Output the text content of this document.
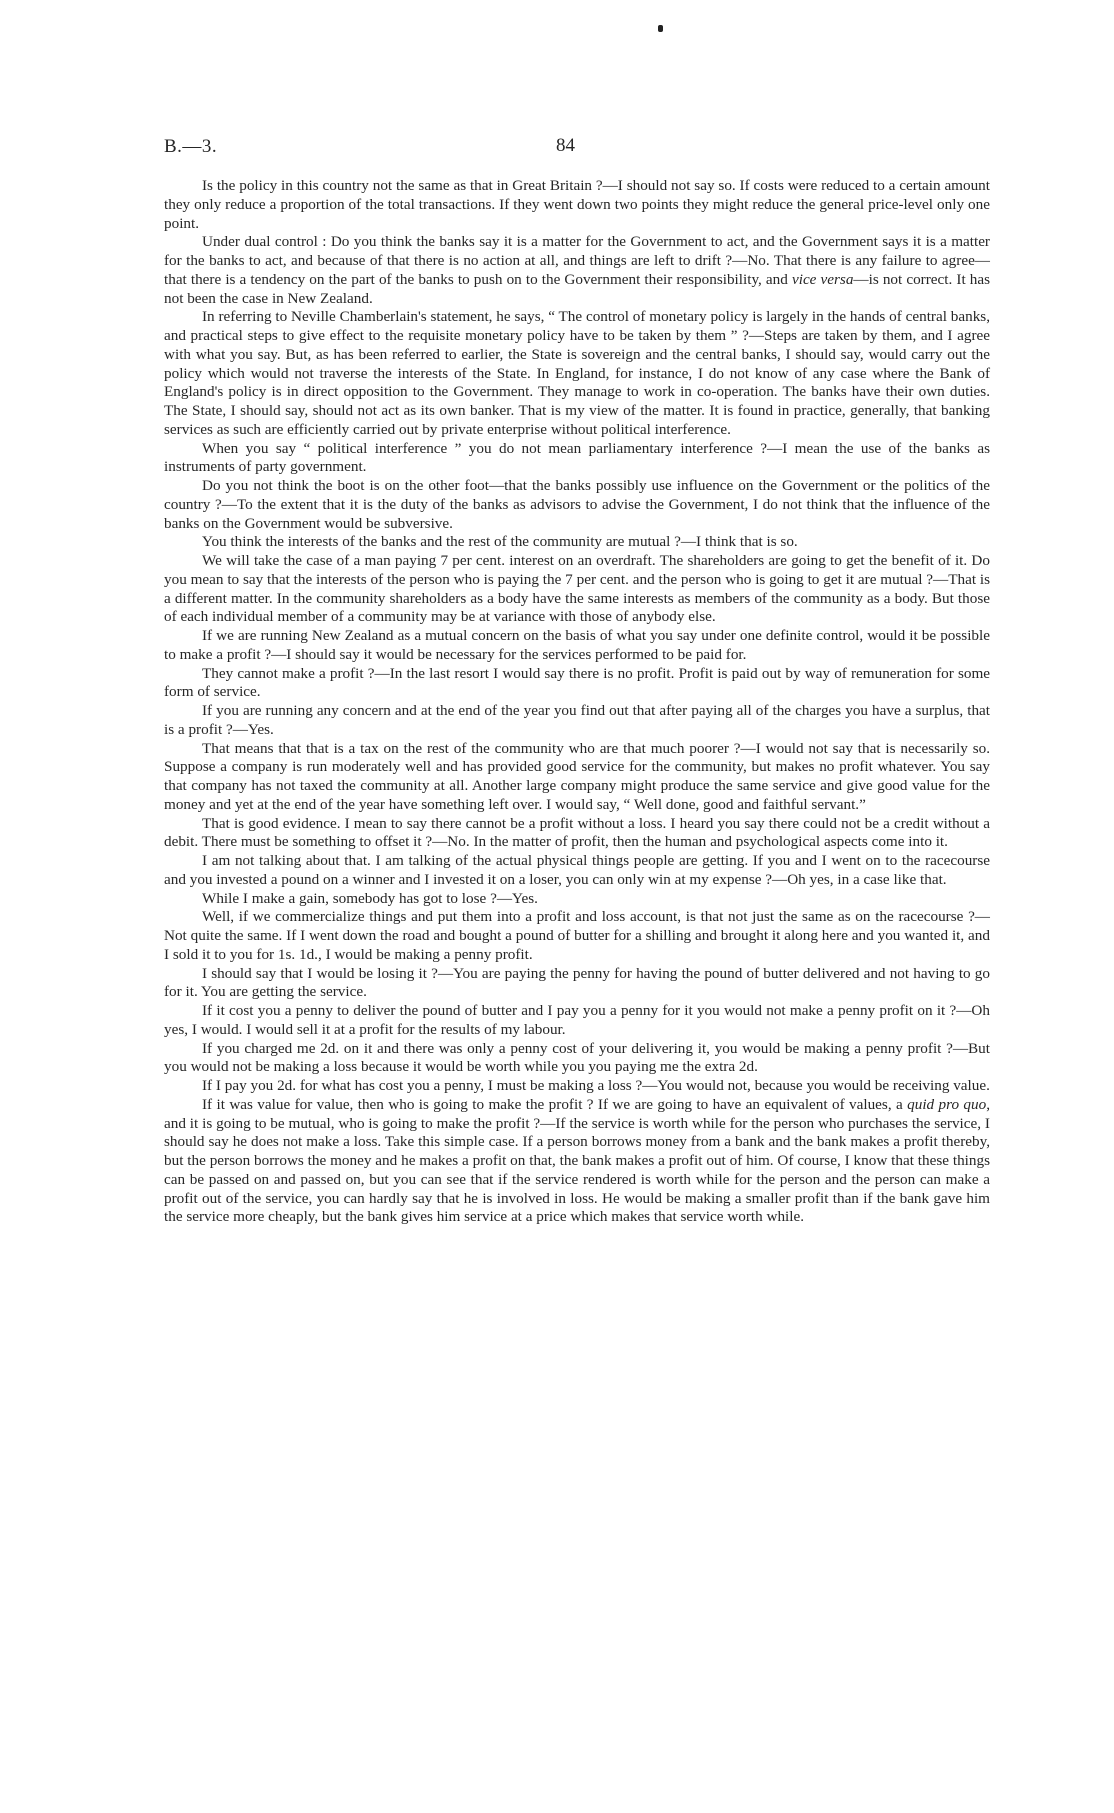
B.—3.	84

Is the policy in this country not the same as that in Great Britain ?—I should not say so. If costs were reduced to a certain amount they only reduce a proportion of the total transactions. If they went down two points they might reduce the general price-level only one point.

Under dual control : Do you think the banks say it is a matter for the Government to act, and the Government says it is a matter for the banks to act, and because of that there is no action at all, and things are left to drift ?—No. That there is any failure to agree—that there is a tendency on the part of the banks to push on to the Government their responsibility, and vice versa—is not correct. It has not been the case in New Zealand.

In referring to Neville Chamberlain's statement, he says, “ The control of monetary policy is largely in the hands of central banks, and practical steps to give effect to the requisite monetary policy have to be taken by them ” ?—Steps are taken by them, and I agree with what you say. But, as has been referred to earlier, the State is sovereign and the central banks, I should say, would carry out the policy which would not traverse the interests of the State. In England, for instance, I do not know of any case where the Bank of England's policy is in direct opposition to the Government. They manage to work in co-operation. The banks have their own duties. The State, I should say, should not act as its own banker. That is my view of the matter. It is found in practice, generally, that banking services as such are efficiently carried out by private enterprise without political interference.

When you say “ political interference ” you do not mean parliamentary interference ?—I mean the use of the banks as instruments of party government.

Do you not think the boot is on the other foot—that the banks possibly use influence on the Government or the politics of the country ?—To the extent that it is the duty of the banks as advisors to advise the Government, I do not think that the influence of the banks on the Government would be subversive.

You think the interests of the banks and the rest of the community are mutual ?—I think that is so.

We will take the case of a man paying 7 per cent. interest on an overdraft. The shareholders are going to get the benefit of it. Do you mean to say that the interests of the person who is paying the 7 per cent. and the person who is going to get it are mutual ?—That is a different matter. In the community shareholders as a body have the same interests as members of the community as a body. But those of each individual member of a community may be at variance with those of anybody else.

If we are running New Zealand as a mutual concern on the basis of what you say under one definite control, would it be possible to make a profit ?—I should say it would be necessary for the services performed to be paid for.

They cannot make a profit ?—In the last resort I would say there is no profit. Profit is paid out by way of remuneration for some form of service.

If you are running any concern and at the end of the year you find out that after paying all of the charges you have a surplus, that is a profit ?—Yes.

That means that that is a tax on the rest of the community who are that much poorer ?—I would not say that is necessarily so. Suppose a company is run moderately well and has provided good service for the community, but makes no profit whatever. You say that company has not taxed the community at all. Another large company might produce the same service and give good value for the money and yet at the end of the year have something left over. I would say, “ Well done, good and faithful servant.”

That is good evidence. I mean to say there cannot be a profit without a loss. I heard you say there could not be a credit without a debit. There must be something to offset it ?—No. In the matter of profit, then the human and psychological aspects come into it.

I am not talking about that. I am talking of the actual physical things people are getting. If you and I went on to the racecourse and you invested a pound on a winner and I invested it on a loser, you can only win at my expense ?—Oh yes, in a case like that.

While I make a gain, somebody has got to lose ?—Yes.

Well, if we commercialize things and put them into a profit and loss account, is that not just the same as on the racecourse ?—Not quite the same. If I went down the road and bought a pound of butter for a shilling and brought it along here and you wanted it, and I sold it to you for 1s. 1d., I would be making a penny profit.

I should say that I would be losing it ?—You are paying the penny for having the pound of butter delivered and not having to go for it. You are getting the service.

If it cost you a penny to deliver the pound of butter and I pay you a penny for it you would not make a penny profit on it ?—Oh yes, I would. I would sell it at a profit for the results of my labour.

If you charged me 2d. on it and there was only a penny cost of your delivering it, you would be making a penny profit ?—But you would not be making a loss because it would be worth while you you paying me the extra 2d.

If I pay you 2d. for what has cost you a penny, I must be making a loss ?—You would not, because you would be receiving value.

If it was value for value, then who is going to make the profit ? If we are going to have an equivalent of values, a quid pro quo, and it is going to be mutual, who is going to make the profit ?—If the service is worth while for the person who purchases the service, I should say he does not make a loss. Take this simple case. If a person borrows money from a bank and the bank makes a profit thereby, but the person borrows the money and he makes a profit on that, the bank makes a profit out of him. Of course, I know that these things can be passed on and passed on, but you can see that if the service rendered is worth while for the person and the person can make a profit out of the service, you can hardly say that he is involved in loss. He would be making a smaller profit than if the bank gave him the service more cheaply, but the bank gives him service at a price which makes that service worth while.
